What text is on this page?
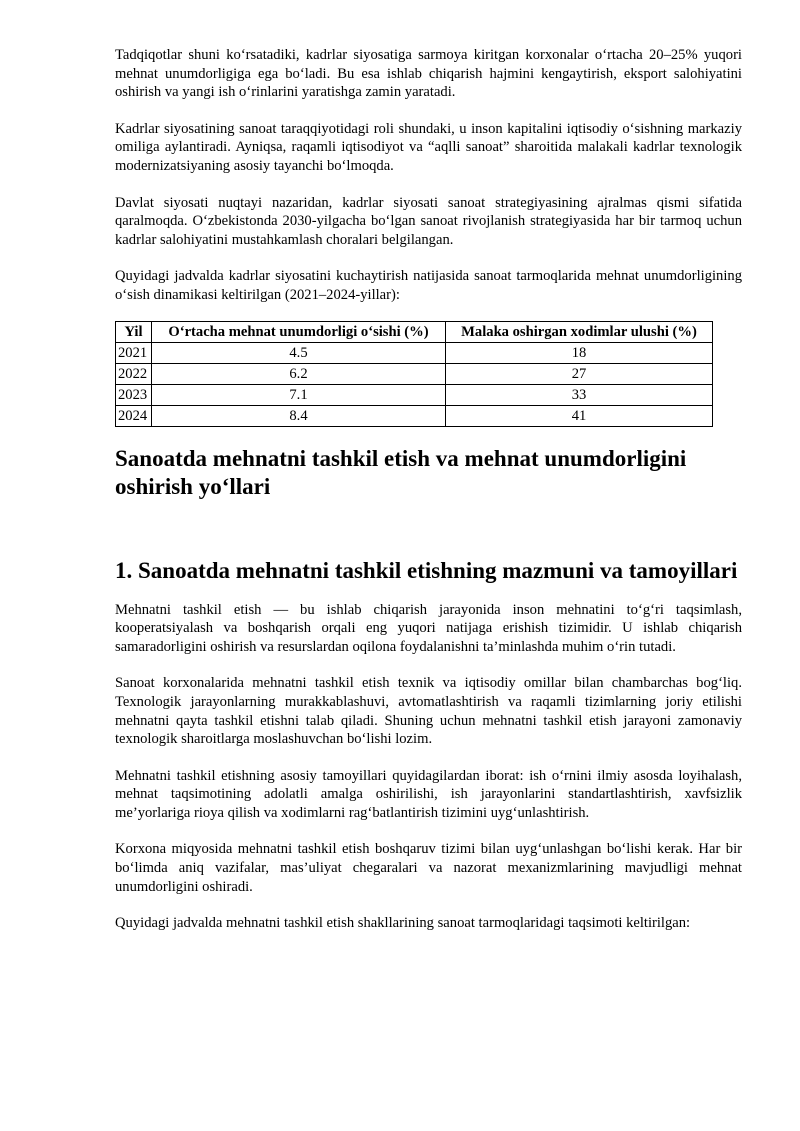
Tadqiqotlar shuni ko‘rsatadiki, kadrlar siyosatiga sarmoya kiritgan korxonalar o‘rtacha 20–25% yuqori mehnat unumdorligiga ega bo‘ladi. Bu esa ishlab chiqarish hajmini kengaytirish, eksport salohiyatini oshirish va yangi ish o‘rinlarini yaratishga zamin yaratadi.

Kadrlar siyosatining sanoat taraqqiyotidagi roli shundaki, u inson kapitalini iqtisodiy o‘sishning markaziy omiliga aylantiradi. Ayniqsa, raqamli iqtisodiyot va “aqlli sanoat” sharoitida malakali kadrlar texnologik modernizatsiyaning asosiy tayanchi bo‘lmoqda.

Davlat siyosati nuqtayi nazaridan, kadrlar siyosati sanoat strategiyasining ajralmas qismi sifatida qaralmoqda. O‘zbekistonda 2030-yilgacha bo‘lgan sanoat rivojlanish strategiyasida har bir tarmoq uchun kadrlar salohiyatini mustahkamlash choralari belgilangan.

Quyidagi jadvalda kadrlar siyosatini kuchaytirish natijasida sanoat tarmoqlarida mehnat unumdorligining o‘sish dinamikasi keltirilgan (2021–2024-yillar):

Yil	O‘rtacha mehnat unumdorligi o‘sishi (%)	Malaka oshirgan xodimlar ulushi (%)
2021	4.5	18
2022	6.2	27
2023	7.1	33
2024	8.4	41
Sanoatda mehnatni tashkil etish va mehnat unumdorligini oshirish yo‘llari
1. Sanoatda mehnatni tashkil etishning mazmuni va tamoyillari

Mehnatni tashkil etish — bu ishlab chiqarish jarayonida inson mehnatini to‘g‘ri taqsimlash, kooperatsiyalash va boshqarish orqali eng yuqori natijaga erishish tizimidir. U ishlab chiqarish samaradorligini oshirish va resurslardan oqilona foydalanishni ta’minlashda muhim o‘rin tutadi.

Sanoat korxonalarida mehnatni tashkil etish texnik va iqtisodiy omillar bilan chambarchas bog‘liq. Texnologik jarayonlarning murakkablashuvi, avtomatlashtirish va raqamli tizimlarning joriy etilishi mehnatni qayta tashkil etishni talab qiladi. Shuning uchun mehnatni tashkil etish jarayoni zamonaviy texnologik sharoitlarga moslashuvchan bo‘lishi lozim.

Mehnatni tashkil etishning asosiy tamoyillari quyidagilardan iborat: ish o‘rnini ilmiy asosda loyihalash, mehnat taqsimotining adolatli amalga oshirilishi, ish jarayonlarini standartlashtirish, xavfsizlik me’yorlariga rioya qilish va xodimlarni rag‘batlantirish tizimini uyg‘unlashtirish.

Korxona miqyosida mehnatni tashkil etish boshqaruv tizimi bilan uyg‘unlashgan bo‘lishi kerak. Har bir bo‘limda aniq vazifalar, mas’uliyat chegaralari va nazorat mexanizmlarining mavjudligi mehnat unumdorligini oshiradi.

Quyidagi jadvalda mehnatni tashkil etish shakllarining sanoat tarmoqlaridagi taqsimoti keltirilgan:
